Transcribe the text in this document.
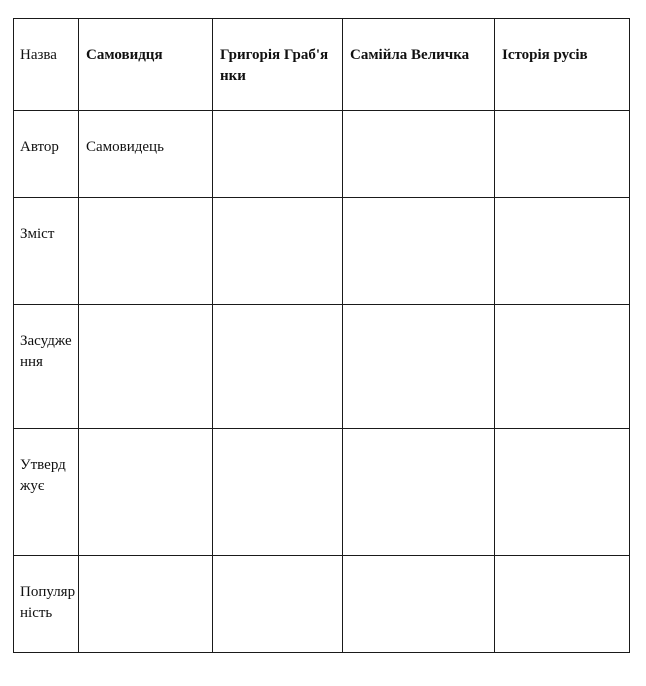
Назва	Самовидця	Григорія Граб'янки	Самійла Величка	Історія русів

Автор	Самовидець			

Зміст				

Засудження				

Утверджує				

Популярність				
